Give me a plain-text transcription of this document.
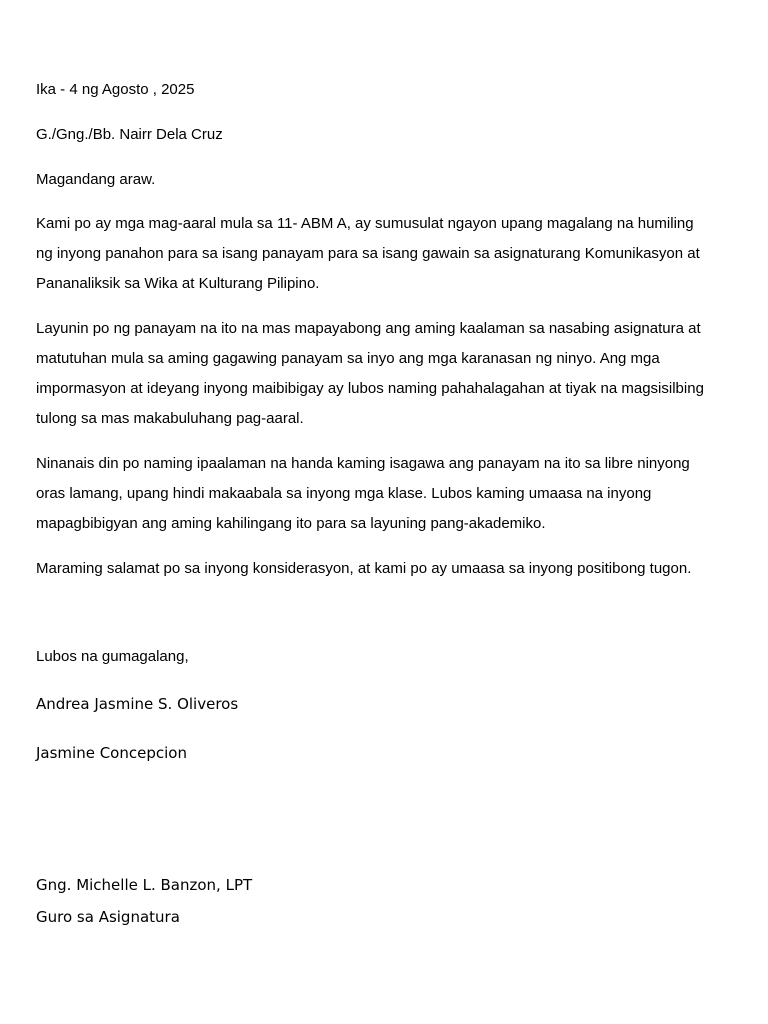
Ika - 4 ng Agosto , 2025

G./Gng./Bb. Nairr Dela Cruz

Magandang araw.

Kami po ay mga mag-aaral mula sa 11- ABM A, ay sumusulat ngayon upang magalang na humiling
ng inyong panahon para sa isang panayam para sa isang gawain sa asignaturang Komunikasyon at
Pananaliksik sa Wika at Kulturang Pilipino.
Layunin po ng panayam na ito na mas mapayabong ang aming kaalaman sa nasabing asignatura at
matutuhan mula sa aming gagawing panayam sa inyo ang mga karanasan ng ninyo. Ang mga
impormasyon at ideyang inyong maibibigay ay lubos naming pahahalagahan at tiyak na magsisilbing
tulong sa mas makabuluhang pag-aaral.
Ninanais din po naming ipaalaman na handa kaming isagawa ang panayam na ito sa libre ninyong
oras lamang, upang hindi makaabala sa inyong mga klase. Lubos kaming umaasa na inyong
mapagbibigyan ang aming kahilingang ito para sa layuning pang-akademiko.

Maraming salamat po sa inyong konsiderasyon, at kami po ay umaasa sa inyong positibong tugon.

Lubos na gumagalang,

Andrea Jasmine S. Oliveros

Jasmine Concepcion

Gng. Michelle L. Banzon, LPT

Guro sa Asignatura
